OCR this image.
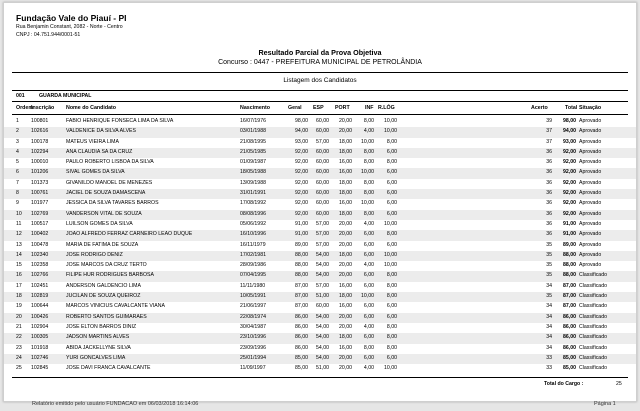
Fundação Vale do Piauí - PI
Rua Benjamin Constant, 2082 - Norte - Centro
CNPJ : 04.751.944/0001-51
Resultado Parcial da Prova Objetiva
Concurso : 0447 - PREFEITURA MUNICIPAL DE PETROLÂNDIA
Listagem dos Candidatos
001	GUARDA MUNICIPAL
Ordem
Inscrição Nome do Candidato	Nascimento	Geral ESP PORT	INF R.LÓG	Acerto	Total Situação
1 100801	FABIO HENRIQUE FONSECA LIMA DA SILVA	16/07/1976	98,00	60,00	20,00	8,00	10,00	39	98,00 Aprovado
2 102616	VALDENICE DA SILVA ALVES	03/01/1988	94,00	60,00	20,00	4,00	10,00	37	94,00 Aprovado
3 100178	MATEUS VIEIRA LIMA	21/08/1995	93,00	57,00	18,00	10,00	8,00	37	93,00 Aprovado
4 102294	ANA CLAUDIA SA DA CRUZ	21/05/1985	92,00	60,00	18,00	8,00	6,00	36	92,00 Aprovado
5 100010	PAULO ROBERTO LISBOA DA SILVA	01/09/1987	92,00	60,00	16,00	8,00	8,00	36	92,00 Aprovado
6 101206	SIVAL GOMES DA SILVA	18/05/1988	92,00	60,00	16,00	10,00	6,00	36	92,00 Aprovado
7 101373	GIVANILDO MANOEL DE MENEZES	13/09/1988	92,00	60,00	18,00	8,00	6,00	36	92,00 Aprovado
8 100761	JACIEL DE SOUZA DAMASCENA	31/01/1991	92,00	60,00	18,00	8,00	6,00	36	92,00 Aprovado
9 101977	JESSICA DA SILVA TAVARES BARROS	17/08/1992	92,00	60,00	16,00	10,00	6,00	36	92,00 Aprovado
10 102769	VANDERSON VITAL DE SOUZA	08/08/1996	92,00	60,00	18,00	8,00	6,00	36	92,00 Aprovado
11 100517	LUILSON GOMES DA SILVA	05/06/1992	91,00	57,00	20,00	4,00	10,00	36	91,00 Aprovado
12 100402	JOAO ALFREDO FERRAZ CARNEIRO LEAO DUQUE	16/10/1996	91,00	57,00	20,00	6,00	8,00	36	91,00 Aprovado
13 100478	MARIA DE FATIMA DE SOUZA	16/11/1979	89,00	57,00	20,00	6,00	6,00	35	89,00 Aprovado
14 102340	JOSE RODRIGO DENIZ	17/02/1981	88,00	54,00	18,00	6,00	10,00	35	88,00 Aprovado
15 102358	JOSE MARCOS DA CRUZ TERTO	28/09/1986	88,00	54,00	20,00	4,00	10,00	35	88,00 Aprovado
16 102766	FILIPE HUR RODRIGUES BARBOSA	07/04/1995	88,00	54,00	20,00	6,00	8,00	35	88,00 Classificado
17 102451	ANDERSON GALDENCIO LIMA	11/11/1980	87,00	57,00	16,00	6,00	8,00	34	87,00 Classificado
18 102819	JUCILAN DE SOUZA QUEIROZ	10/05/1991	87,00	51,00	18,00	10,00	8,00	35	87,00 Classificado
19 100644	MARCOS VINICIUS CAVALCANTE VIANA	21/06/1997	87,00	60,00	16,00	6,00	6,00	34	87,00 Classificado
20 100426	ROBERTO SANTOS GUIMARAES	22/08/1974	86,00	54,00	20,00	6,00	6,00	34	86,00 Classificado
21 102904	JOSE ELTON BARROS DINIZ	30/04/1987	86,00	54,00	20,00	4,00	8,00	34	86,00 Classificado
22 100305	JADSON MARTINS ALVES	23/10/1996	86,00	54,00	18,00	6,00	8,00	34	86,00 Classificado
23 101918	ABIDA JACKELLYNE SILVA	23/09/1996	86,00	54,00	16,00	8,00	8,00	34	86,00 Classificado
24 102746	YURI GONCALVES LIMA	25/01/1994	85,00	54,00	20,00	6,00	6,00	33	85,00 Classificado
25 102845	JOSE DAVI FRANCA CAVALCANTE	11/09/1997	85,00	51,00	20,00	4,00	10,00	33	85,00 Classificado
Total do Cargo :	25
Relatório emitido pelo usuário FUNDACAO em 06/03/2018 16:14:06	Página 1
